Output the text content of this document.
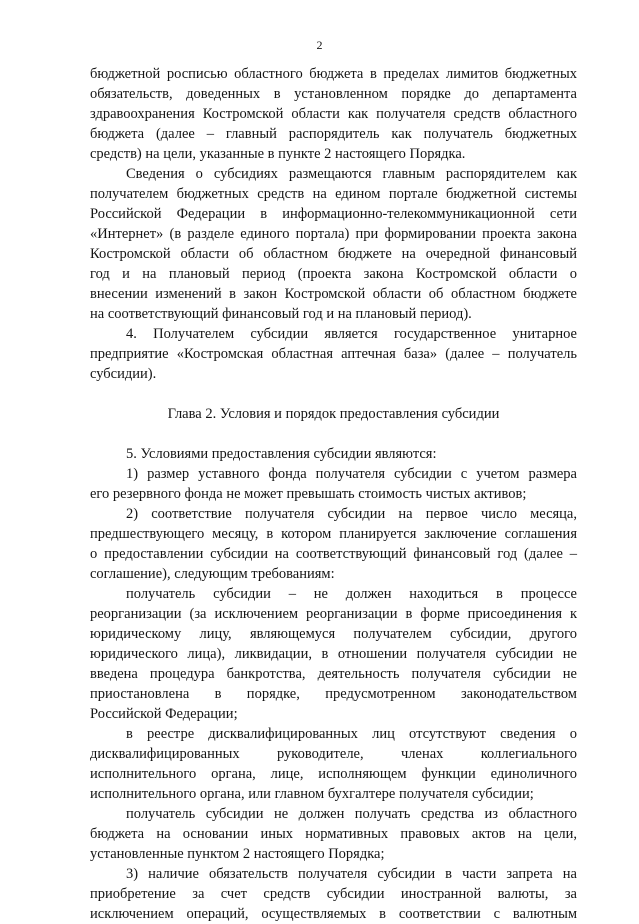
2
бюджетной росписью областного бюджета в пределах лимитов бюджетных
обязательств, доведенных в установленном порядке до департамента
здравоохранения Костромской области как получателя средств областного
бюджета (далее – главный распорядитель как получатель бюджетных
средств) на цели, указанные в пункте 2 настоящего Порядка.
Сведения о субсидиях размещаются главным распорядителем как
получателем бюджетных средств на едином портале бюджетной системы
Российской Федерации в информационно-телекоммуникационной сети
«Интернет» (в разделе единого портала) при формировании проекта закона
Костромской области об областном бюджете на очередной финансовый
год и на плановый период (проекта закона Костромской области о
внесении изменений в закон Костромской области об областном бюджете
на соответствующий финансовый год и на плановый период).
4. Получателем субсидии является государственное унитарное
предприятие «Костромская областная аптечная база» (далее – получатель
субсидии).
Глава 2. Условия и порядок предоставления субсидии
5. Условиями предоставления субсидии являются:
1) размер уставного фонда получателя субсидии с учетом размера
его резервного фонда не может превышать стоимость чистых активов;
2) соответствие получателя субсидии на первое число месяца,
предшествующего месяцу, в котором планируется заключение соглашения
о предоставлении субсидии на соответствующий финансовый год (далее –
соглашение), следующим требованиям:
получатель субсидии – не должен находиться в процессе
реорганизации (за исключением реорганизации в форме присоединения к
юридическому лицу, являющемуся получателем субсидии, другого
юридического лица), ликвидации, в отношении получателя субсидии не
введена процедура банкротства, деятельность получателя субсидии не
приостановлена в порядке, предусмотренном законодательством
Российской Федерации;
в реестре дисквалифицированных лиц отсутствуют сведения о
дисквалифицированных руководителе, членах коллегиального
исполнительного органа, лице, исполняющем функции единоличного
исполнительного органа, или главном бухгалтере получателя субсидии;
получатель субсидии не должен получать средства из областного
бюджета на основании иных нормативных правовых актов на цели,
установленные пунктом 2 настоящего Порядка;
3) наличие обязательств получателя субсидии в части запрета на
приобретение за счет средств субсидии иностранной валюты, за
исключением операций, осуществляемых в соответствии с валютным
